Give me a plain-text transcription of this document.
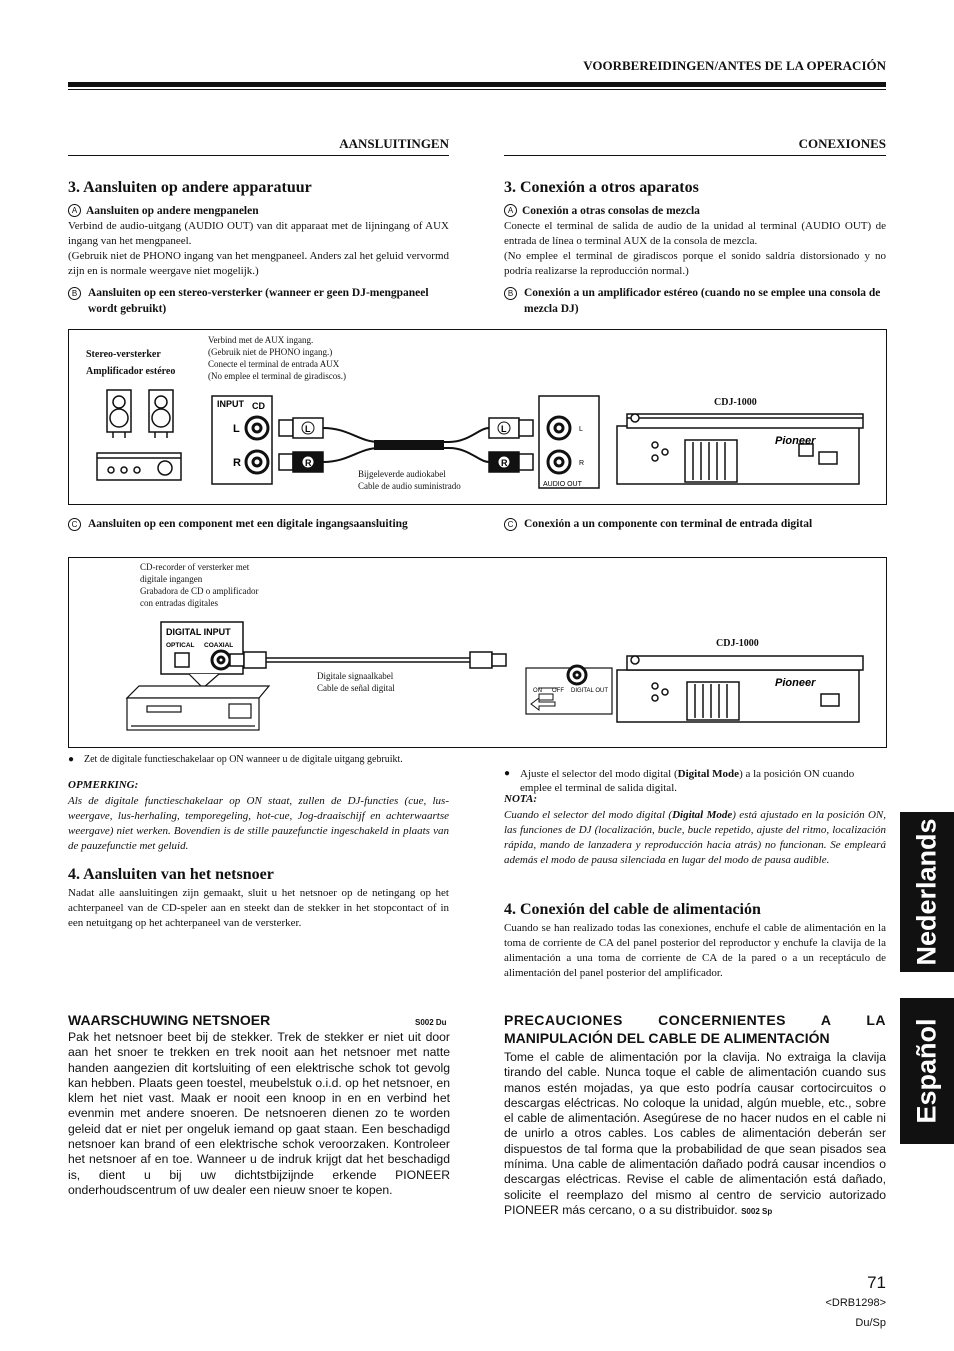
VOORBEREIDINGEN/ANTES DE LA OPERACIÓN
AANSLUITINGEN	CONEXIONES
3. Aansluiten op andere apparatuur
A Aansluiten op andere mengpanelen
Verbind de audio-uitgang (AUDIO OUT) van dit apparaat met de lijningang of AUX ingang van het mengpaneel.
(Gebruik niet de PHONO ingang van het mengpaneel. Anders zal het geluid vervormd zijn en is normale weergave niet mogelijk.)
B Aansluiten op een stereo-versterker (wanneer er geen DJ-mengpaneel wordt gebruikt)
3. Conexión a otros aparatos
A Conexión a otras consolas de mezcla
Conecte el terminal de salida de audio de la unidad al terminal (AUDIO OUT) de entrada de línea o terminal AUX de la consola de mezcla.
(No emplee el terminal de giradiscos porque el sonido saldría distorsionado y no podría realizarse la reproducción normal.)
B Conexión a un amplificador estéreo (cuando no se emplee una consola de mezcla DJ)
Stereo-versterker
Amplificador estéreo
Verbind met de AUX ingang.
(Gebruik niet de PHONO ingang.)
Conecte el terminal de entrada AUX
(No emplee el terminal de giradiscos.)
Bijgeleverde audiokabel
Cable de audio suministrado
CDJ-1000
INPUT CD
L
R
L
R
L
R
L
R
AUDIO OUT
Pioneer
C Aansluiten op een component met een digitale ingangsaansluiting	C Conexión a un componente con terminal de entrada digital
CD-recorder of versterker met
digitale ingangen
Grabadora de CD o amplificador
con entradas digitales
Digitale signaalkabel
Cable de señal digital
CDJ-1000
DIGITAL INPUT
OPTICAL COAXIAL
ON OFF DIGITAL OUT
Pioneer
● Zet de digitale functieschakelaar op ON wanneer u de digitale uitgang gebruikt.
● Ajuste el selector del modo digital (Digital Mode) a la posición ON cuando emplee el terminal de salida digital.
OPMERKING:
Als de digitale functieschakelaar op ON staat, zullen de DJ-functies (cue, lus-weergave, lus-herhaling, temporegeling, hot-cue, Jog-draaischijf en achterwaartse weergave) niet werken. Bovendien is de stille pauzefunctie ingeschakeld in plaats van de pauzefunctie met geluid.
NOTA:
Cuando el selector del modo digital (Digital Mode) está ajustado en la posición ON, las funciones de DJ (localización, bucle, bucle repetido, ajuste del ritmo, localización rápida, mando de lanzadera y reproducción hacia atrás) no funcionan. Se empleará además el modo de pausa silenciada en lugar del modo de pausa audible.
4. Aansluiten van het netsnoer
Nadat alle aansluitingen zijn gemaakt, sluit u het netsnoer op de netingang op het achterpaneel van de CD-speler aan en steekt dan de stekker in het stopcontact of in een netuitgang op het achterpaneel van de versterker.
4. Conexión del cable de alimentación
Cuando se han realizado todas las conexiones, enchufe el cable de alimentación en la toma de corriente de CA del panel posterior del reproductor y enchufe la clavija de la alimentación a una toma de corriente de CA de la pared o a un receptáculo de alimentación del panel posterior del amplificador.
WAARSCHUWING NETSNOER	S002 Du
Pak het netsnoer beet bij de stekker. Trek de stekker er niet uit door aan het snoer te trekken en trek nooit aan het netsnoer met natte handen aangezien dit kortsluiting of een elektrische schok tot gevolg kan hebben. Plaats geen toestel, meubelstuk o.i.d. op het netsnoer, en klem het niet vast. Maak er nooit een knoop in en en verbind het evenmin met andere snoeren. De netsnoeren dienen zo te worden geleid dat er niet per ongeluk iemand op gaat staan. Een beschadigd netsnoer kan brand of een elektrische schok veroorzaken. Kontroleer het netsnoer af en toe. Wanneer u de indruk krijgt dat het beschadigd is, dient u bij uw dichtstbijzijnde erkende PIONEER onderhoudscentrum of uw dealer een nieuw snoer te kopen.
PRECAUCIONES CONCERNIENTES A LA
MANIPULACIÓN DEL CABLE DE ALIMENTACIÓN
Tome el cable de alimentación por la clavija. No extraiga la clavija tirando del cable. Nunca toque el cable de alimentación cuando sus manos estén mojadas, ya que esto podría causar cortocircuitos o descargas eléctricas. No coloque la unidad, algún mueble, etc., sobre el cable de alimentación. Asegúrese de no hacer nudos en el cable ni de unirlo a otros cables. Los cables de alimentación deberán ser dispuestos de tal forma que la probabilidad de que sean pisados sea mínima. Una cable de alimentación dañado podrá causar incendios o descargas eléctricas. Revise el cable de alimentación está dañado, solicite el reemplazo del mismo al centro de servicio autorizado PIONEER más cercano, o a su distribuidor. S002 Sp
Nederlands
Español
71
<DRB1298>
Du/Sp
